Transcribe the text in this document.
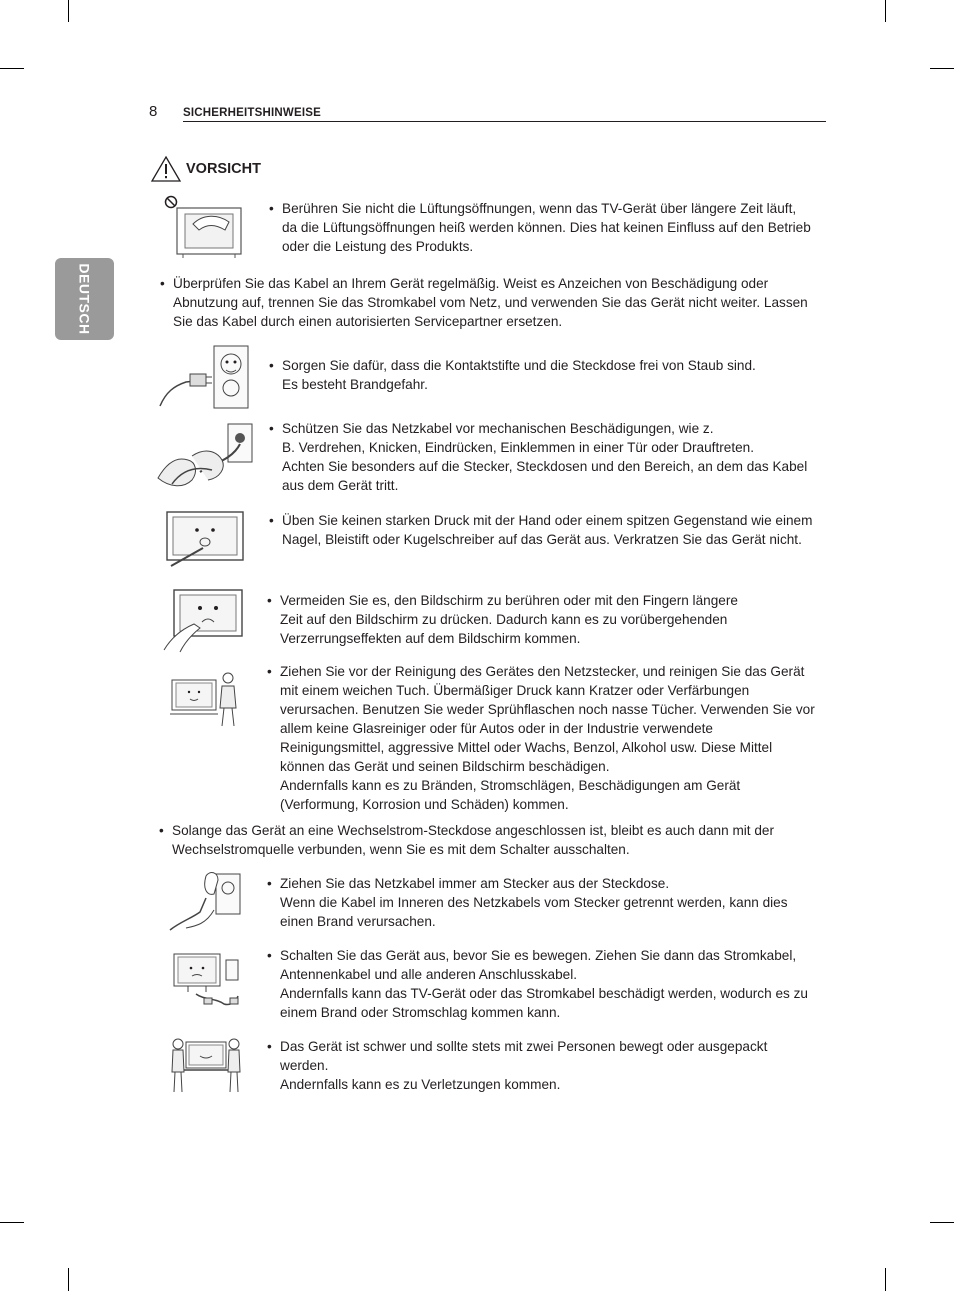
8 SICHERHEITSHINWEISE
DEUTSCH
VORSICHT
• Berühren Sie nicht die Lüftungsöffnungen, wenn das TV-Gerät über längere Zeit läuft, da die Lüftungsöffnungen heiß werden können. Dies hat keinen Einfluss auf den Betrieb oder die Leistung des Produkts.

• Überprüfen Sie das Kabel an Ihrem Gerät regelmäßig. Weist es Anzeichen von Beschädigung oder Abnutzung auf, trennen Sie das Stromkabel vom Netz, und verwenden Sie das Gerät nicht weiter. Lassen Sie das Kabel durch einen autorisierten Servicepartner ersetzen.

• Sorgen Sie dafür, dass die Kontaktstifte und die Steckdose frei von Staub sind.

Es besteht Brandgefahr.

• Schützen Sie das Netzkabel vor mechanischen Beschädigungen, wie z.

B. Verdrehen, Knicken, Eindrücken, Einklemmen in einer Tür oder Drauftreten.

Achten Sie besonders auf die Stecker, Steckdosen und den Bereich, an dem das Kabel aus dem Gerät tritt.

• Üben Sie keinen starken Druck mit der Hand oder einem spitzen Gegenstand wie einem Nagel, Bleistift oder Kugelschreiber auf das Gerät aus. Verkratzen Sie das Gerät nicht.

• Vermeiden Sie es, den Bildschirm zu berühren oder mit den Fingern längere

Zeit auf den Bildschirm zu drücken. Dadurch kann es zu vorübergehenden

Verzerrungseffekten auf dem Bildschirm kommen.

• Ziehen Sie vor der Reinigung des Gerätes den Netzstecker, und reinigen Sie das Gerät mit einem weichen Tuch. Übermäßiger Druck kann Kratzer oder Verfärbungen verursachen. Benutzen Sie weder Sprühflaschen noch nasse Tücher. Verwenden Sie vor allem keine Glasreiniger oder für Autos oder in der Industrie verwendete Reinigungsmittel, aggressive Mittel oder Wachs, Benzol, Alkohol usw. Diese Mittel können das Gerät und seinen Bildschirm beschädigen.

Andernfalls kann es zu Bränden, Stromschlägen, Beschädigungen am Gerät (Verformung, Korrosion und Schäden) kommen.

• Solange das Gerät an eine Wechselstrom-Steckdose angeschlossen ist, bleibt es auch dann mit der Wechselstromquelle verbunden, wenn Sie es mit dem Schalter ausschalten.

• Ziehen Sie das Netzkabel immer am Stecker aus der Steckdose.

Wenn die Kabel im Inneren des Netzkabels vom Stecker getrennt werden, kann dies einen Brand verursachen.

• Schalten Sie das Gerät aus, bevor Sie es bewegen. Ziehen Sie dann das Stromkabel, Antennenkabel und alle anderen Anschlusskabel.

Andernfalls kann das TV-Gerät oder das Stromkabel beschädigt werden, wodurch es zu einem Brand oder Stromschlag kommen kann.

• Das Gerät ist schwer und sollte stets mit zwei Personen bewegt oder ausgepackt werden.

Andernfalls kann es zu Verletzungen kommen.
